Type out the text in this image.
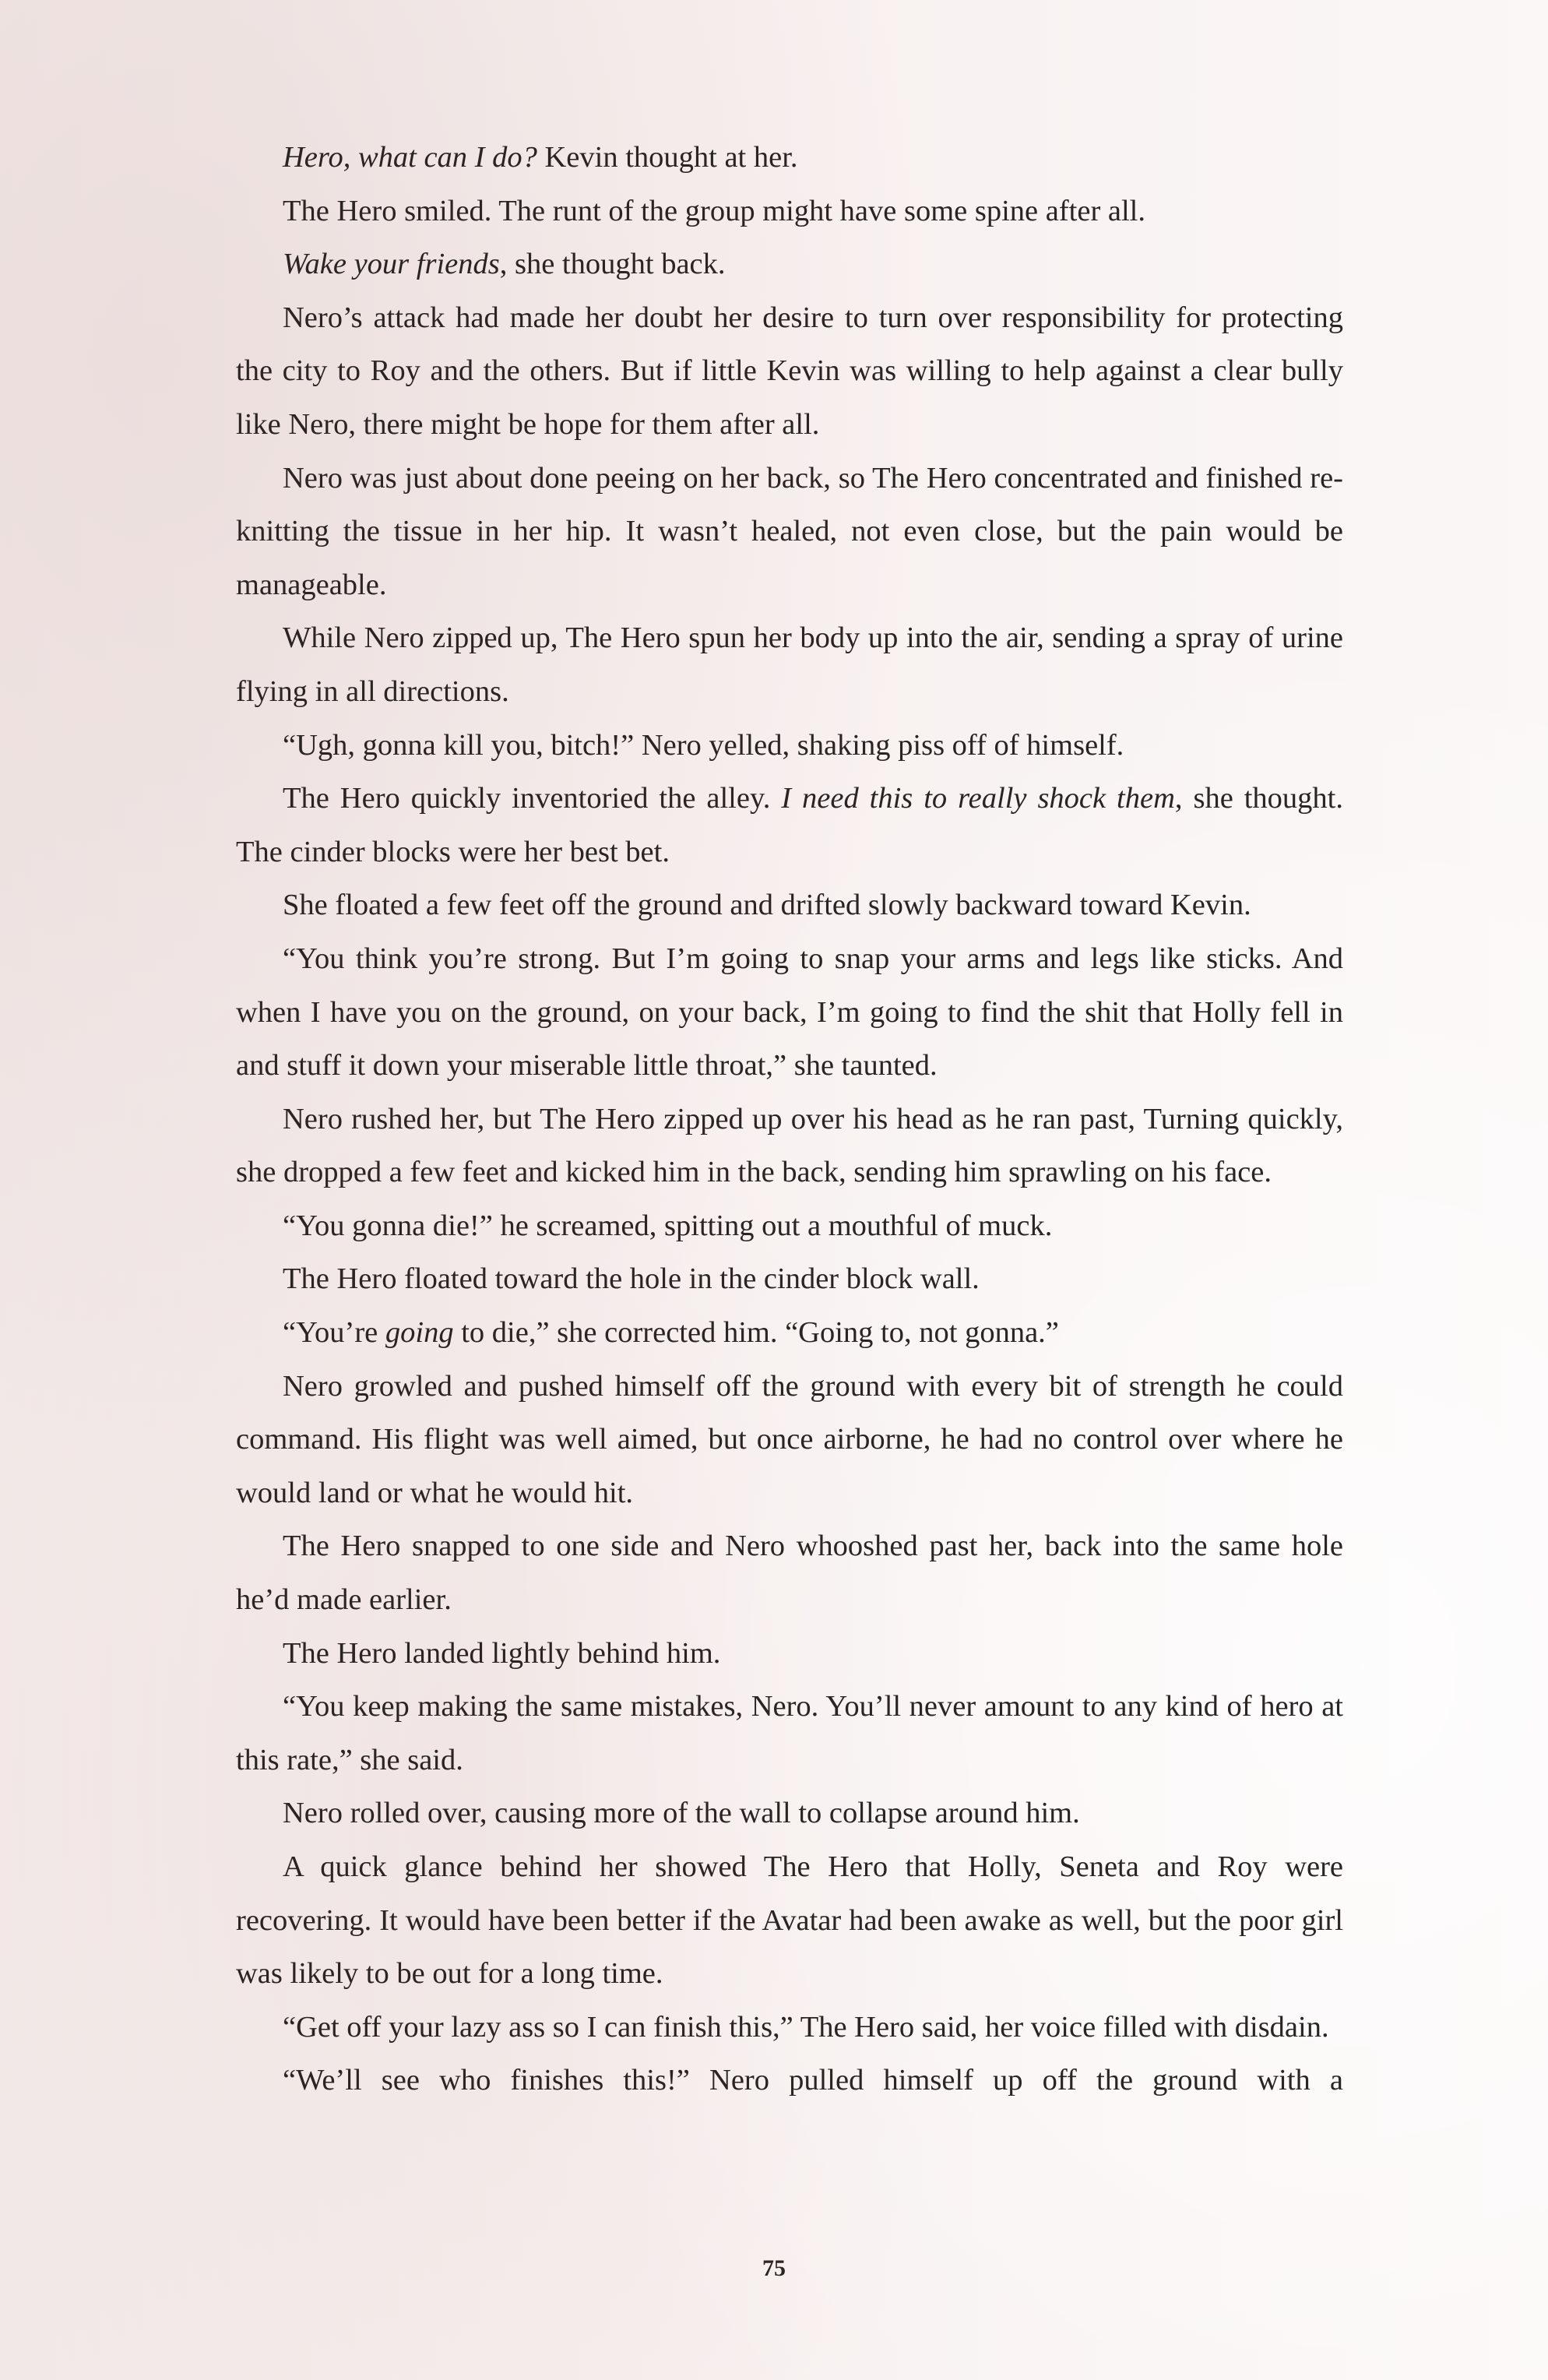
Hero, what can I do? Kevin thought at her.

The Hero smiled. The runt of the group might have some spine after all.

Wake your friends, she thought back.

Nero’s attack had made her doubt her desire to turn over responsibility for protecting the city to Roy and the others. But if little Kevin was willing to help against a clear bully like Nero, there might be hope for them after all.

Nero was just about done peeing on her back, so The Hero concentrated and finished re-knitting the tissue in her hip. It wasn’t healed, not even close, but the pain would be manageable.

While Nero zipped up, The Hero spun her body up into the air, sending a spray of urine flying in all directions.

“Ugh, gonna kill you, bitch!” Nero yelled, shaking piss off of himself.

The Hero quickly inventoried the alley. I need this to really shock them, she thought. The cinder blocks were her best bet.

She floated a few feet off the ground and drifted slowly backward toward Kevin.

“You think you’re strong. But I’m going to snap your arms and legs like sticks. And when I have you on the ground, on your back, I’m going to find the shit that Holly fell in and stuff it down your miserable little throat,” she taunted.

Nero rushed her, but The Hero zipped up over his head as he ran past, Turning quickly, she dropped a few feet and kicked him in the back, sending him sprawling on his face.

“You gonna die!” he screamed, spitting out a mouthful of muck.

The Hero floated toward the hole in the cinder block wall.

“You’re going to die,” she corrected him. “Going to, not gonna.”

Nero growled and pushed himself off the ground with every bit of strength he could command. His flight was well aimed, but once airborne, he had no control over where he would land or what he would hit.

The Hero snapped to one side and Nero whooshed past her, back into the same hole he’d made earlier.

The Hero landed lightly behind him.

“You keep making the same mistakes, Nero. You’ll never amount to any kind of hero at this rate,” she said.

Nero rolled over, causing more of the wall to collapse around him.

A quick glance behind her showed The Hero that Holly, Seneta and Roy were recovering. It would have been better if the Avatar had been awake as well, but the poor girl was likely to be out for a long time.

“Get off your lazy ass so I can finish this,” The Hero said, her voice filled with disdain.

“We’ll see who finishes this!” Nero pulled himself up off the ground with a

75
